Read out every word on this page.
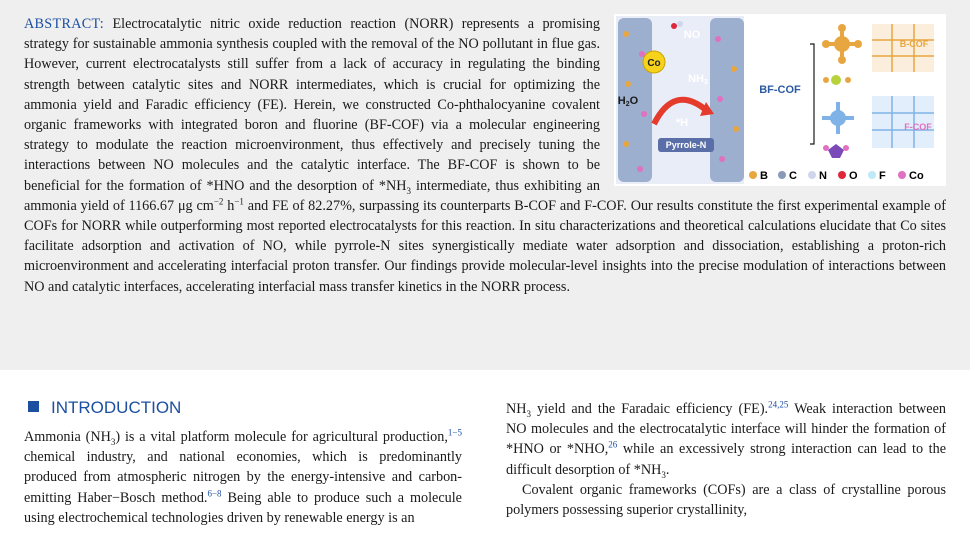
Co
NO
NH3
H2O
*H
Pyrrole-N
BF-COF
B-COF
F-COF
B C N O F Co
ABSTRACT: Electrocatalytic nitric oxide reduction reaction (NORR) represents a promising strategy for sustainable ammonia synthesis coupled with the removal of the NO pollutant in flue gas. However, current electrocatalysts still suffer from a lack of accuracy in regulating the binding strength between catalytic sites and NORR intermediates, which is crucial for optimizing the ammonia yield and Faradic efficiency (FE). Herein, we constructed Co-phthalocyanine covalent organic frameworks with integrated boron and fluorine (BF-COF) via a molecular engineering strategy to modulate the reaction microenvironment, thus effectively and precisely tuning the interactions between NO molecules and the catalytic interface. The BF-COF is shown to be beneficial for the formation of *HNO and the desorption of $*NH_3$ intermediate, thus exhibiting an ammonia yield of 1166.67 μg $cm^{-2}$ $h^{-1}$ and FE of 82.27%, surpassing its counterparts B-COF and F-COF. Our results constitute the first experimental example of COFs for NORR while outperforming most reported electrocatalysts for this reaction. In situ characterizations and theoretical calculations elucidate that Co sites facilitate adsorption and activation of NO, while pyrrole-N sites synergistically mediate water adsorption and dissociation, establishing a proton-rich microenvironment and accelerating interfacial proton transfer. Our findings provide molecular-level insights into the precise modulation of interactions between NO and catalytic interfaces, accelerating interfacial mass transfer kinetics in the NORR process.
INTRODUCTION

Ammonia $(NH_3)$ is a vital platform molecule for agricultural production,$^{1-5}$ chemical industry, and national economies, which is predominantly produced from atmospheric nitrogen by the energy-intensive and carbon-emitting Haber−Bosch method.$^{6-8}$ Being able to produce such a molecule using electrochemical technologies driven by renewable energy is an

$NH_3$ yield and the Faradaic efficiency (FE).$^{24,25}$ Weak interaction between NO molecules and the electrocatalytic interface will hinder the formation of *HNO or *NHO,$^{26}$ while an excessively strong interaction can lead to the difficult desorption of $*NH_3$.

Covalent organic frameworks (COFs) are a class of crystalline porous polymers possessing superior crystallinity,
